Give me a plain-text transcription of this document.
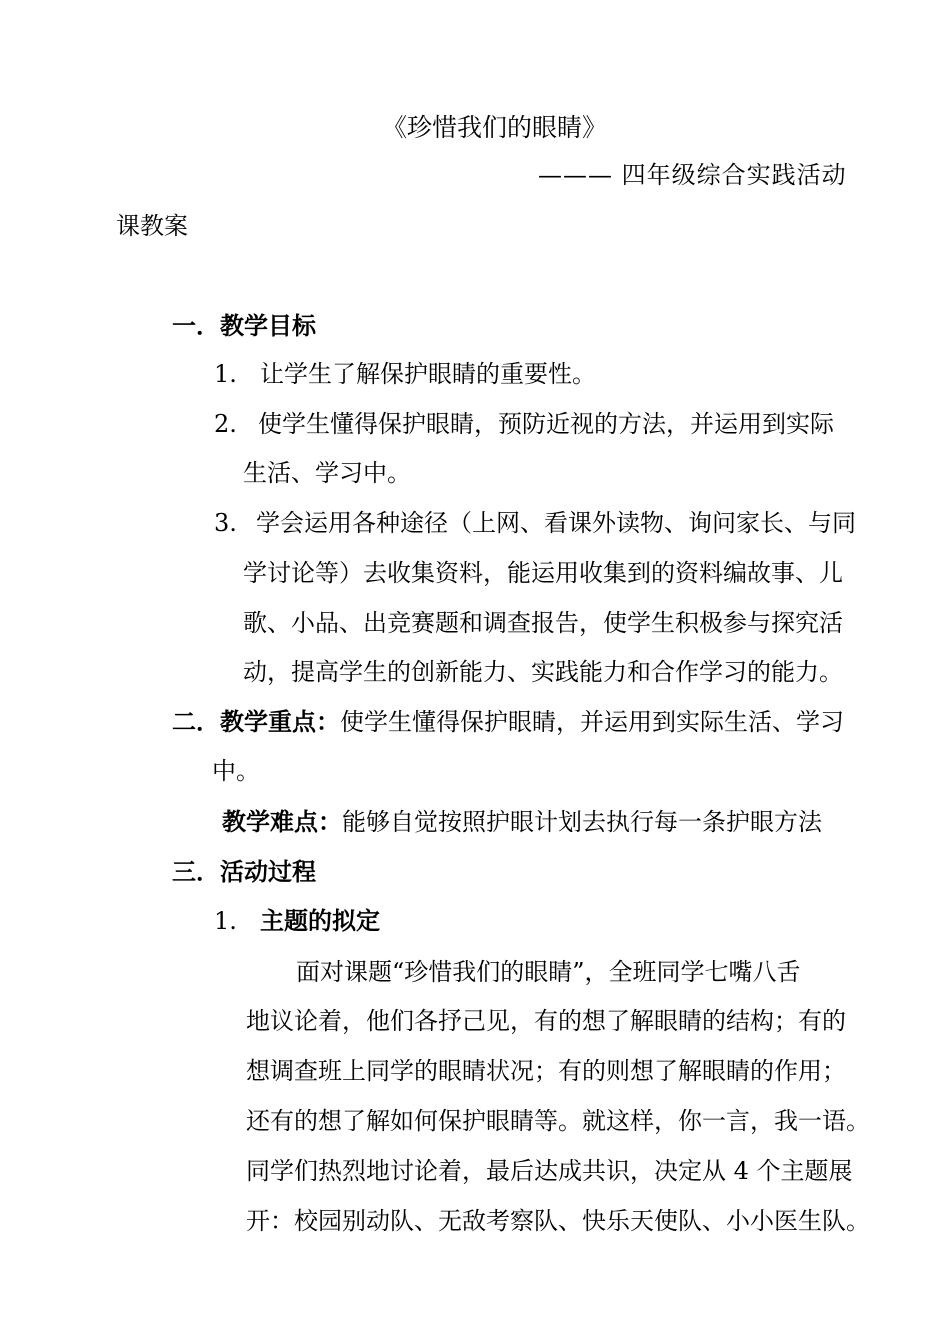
《珍惜我们的眼睛》

——— 四年级综合实践活动

课教案

一．教学目标

1. 让学生了解保护眼睛的重要性。

2. 使学生懂得保护眼睛，预防近视的方法，并运用到实际

生活、学习中。

3. 学会运用各种途径（上网、看课外读物、询问家长、与同

学讨论等）去收集资料，能运用收集到的资料编故事、儿

歌、小品、出竞赛题和调查报告，使学生积极参与探究活

动，提高学生的创新能力、实践能力和合作学习的能力。

二．教学重点：使学生懂得保护眼睛，并运用到实际生活、学习

中。

教学难点：能够自觉按照护眼计划去执行每一条护眼方法

三．活动过程

1. 主题的拟定

面对课题“珍惜我们的眼睛”，全班同学七嘴八舌

地议论着，他们各抒己见，有的想了解眼睛的结构；有的

想调查班上同学的眼睛状况；有的则想了解眼睛的作用；

还有的想了解如何保护眼睛等。就这样，你一言，我一语。

同学们热烈地讨论着，最后达成共识，决定从 4 个主题展

开：校园别动队、无敌考察队、快乐天使队、小小医生队。
